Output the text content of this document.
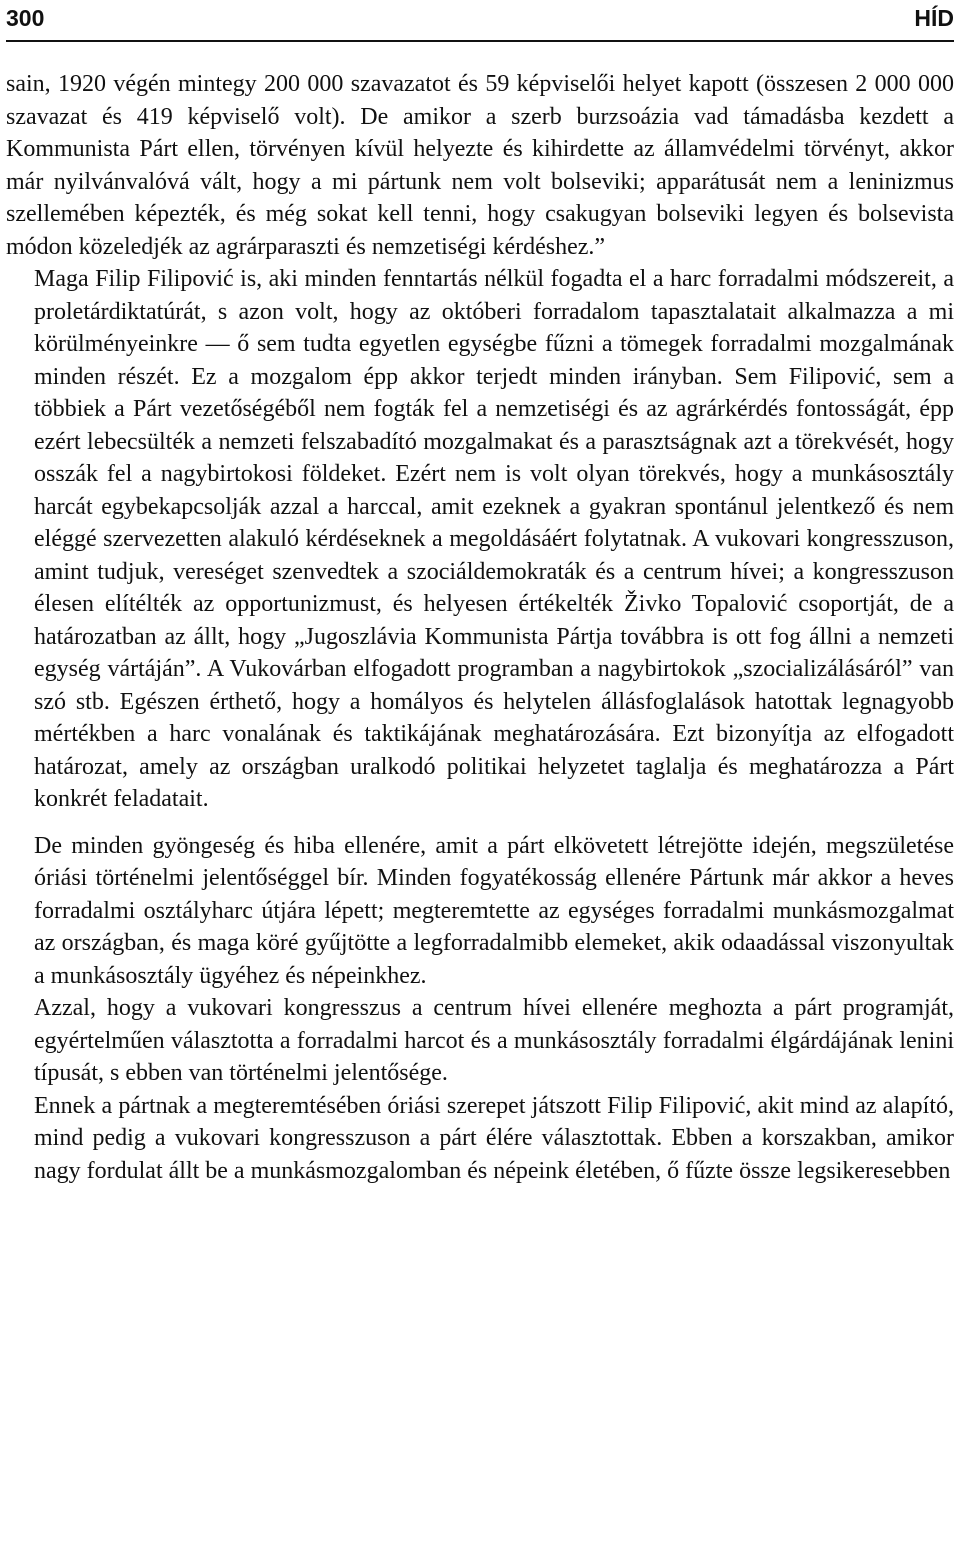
300	HÍD

sain, 1920 végén mintegy 200 000 szavazatot és 59 képviselői helyet kapott (összesen 2 000 000 szavazat és 419 képviselő volt). De amikor a szerb burzsoázia vad támadásba kezdett a Kommunista Párt ellen, törvényen kívül helyezte és kihirdette az államvédelmi törvényt, akkor már nyilvánvalóvá vált, hogy a mi pártunk nem volt bolseviki; apparátusát nem a leninizmus szellemében képezték, és még sokat kell tenni, hogy csakugyan bolseviki legyen és bolsevista módon közeledjék az agrárparaszti és nemzetiségi kérdéshez.”

Maga Filip Filipović is, aki minden fenntartás nélkül fogadta el a harc forradalmi módszereit, a proletárdiktatúrát, s azon volt, hogy az októberi forradalom tapasztalatait alkalmazza a mi körülményeinkre — ő sem tudta egyetlen egységbe fűzni a tömegek forradalmi mozgalmának minden részét. Ez a mozgalom épp akkor terjedt minden irányban. Sem Filipović, sem a többiek a Párt vezetőségéből nem fogták fel a nemzetiségi és az agrárkérdés fontosságát, épp ezért lebecsülték a nemzeti felszabadító mozgalmakat és a parasztságnak azt a törekvését, hogy osszák fel a nagybirtokosi földeket. Ezért nem is volt olyan törekvés, hogy a munkásosztály harcát egybekapcsolják azzal a harccal, amit ezeknek a gyakran spontánul jelentkező és nem eléggé szervezetten alakuló kérdéseknek a megoldásáért folytatnak. A vukovari kongresszuson, amint tudjuk, vereséget szenvedtek a szociáldemokraták és a centrum hívei; a kongresszuson élesen elítélték az opportunizmust, és helyesen értékelték Živko Topalović csoportját, de a határozatban az állt, hogy „Jugoszlávia Kommunista Pártja továbbra is ott fog állni a nemzeti egység vártáján”. A Vukovárban elfogadott programban a nagybirtokok „szocializálásáról” van szó stb. Egészen érthető, hogy a homályos és helytelen állásfoglalások hatottak legnagyobb mértékben a harc vonalának és taktikájának meghatározására. Ezt bizonyítja az elfogadott határozat, amely az országban uralkodó politikai helyzetet taglalja és meghatározza a Párt konkrét feladatait.

De minden gyöngeség és hiba ellenére, amit a párt elkövetett létrejötte idején, megszületése óriási történelmi jelentőséggel bír. Minden fogyatékosság ellenére Pártunk már akkor a heves forradalmi osztályharc útjára lépett; megteremtette az egységes forradalmi munkásmozgalmat az országban, és maga köré gyűjtötte a legforradalmibb elemeket, akik odaadással viszonyultak a munkásosztály ügyéhez és népeinkhez.

Azzal, hogy a vukovari kongresszus a centrum hívei ellenére meghozta a párt programját, egyértelműen választotta a forradalmi harcot és a munkásosztály forradalmi élgárdájának lenini típusát, s ebben van történelmi jelentősége.

Ennek a pártnak a megteremtésében óriási szerepet játszott Filip Filipović, akit mind az alapító, mind pedig a vukovari kongresszuson a párt élére választottak. Ebben a korszakban, amikor nagy fordulat állt be a munkásmozgalomban és népeink életében, ő fűzte össze legsikeresebben
